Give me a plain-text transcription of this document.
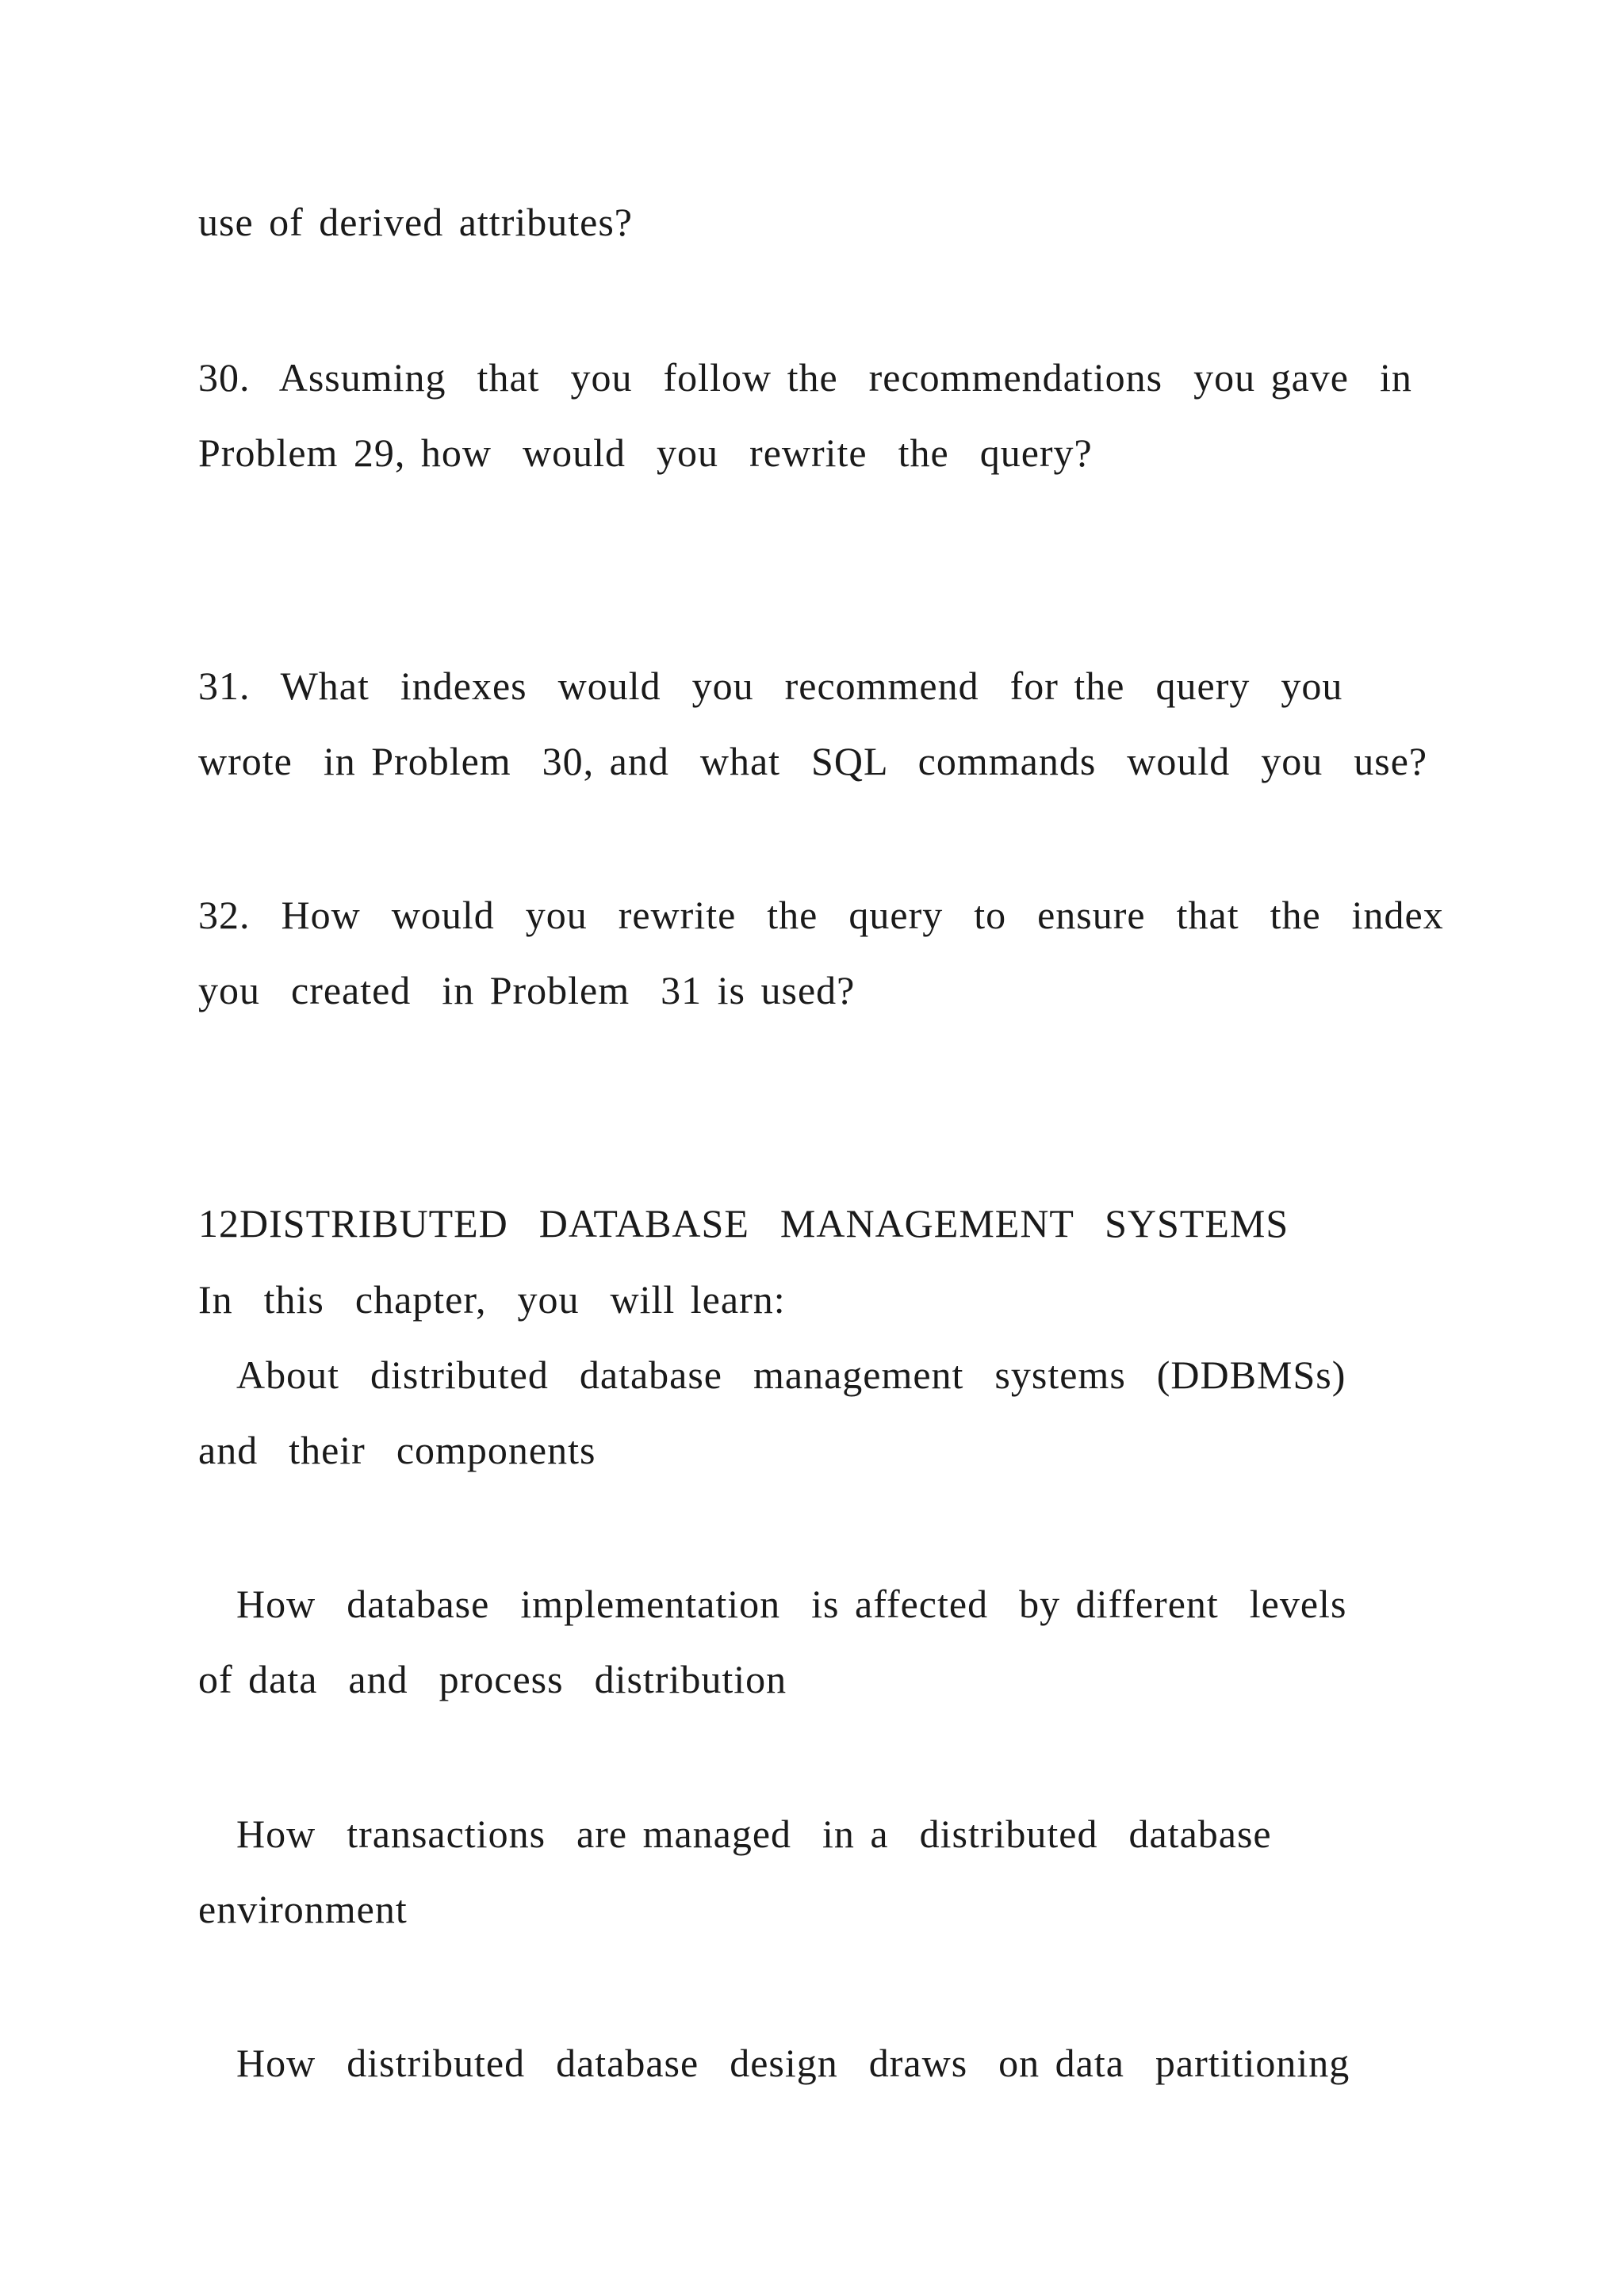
use of derived attributes?
30.  Assuming  that  you  follow the  recommendations  you gave  in
Problem 29, how  would  you  rewrite  the  query?
31.  What  indexes  would  you  recommend  for the  query  you
wrote  in Problem  30, and  what  SQL  commands  would  you  use?
32.  How  would  you  rewrite  the  query  to  ensure  that  the  index
you  created  in Problem  31 is used?
12DISTRIBUTED  DATABASE  MANAGEMENT  SYSTEMS
In  this  chapter,  you  will learn:
About  distributed  database  management  systems  (DDBMSs)
and  their  components
How  database  implementation  is affected  by different  levels
of data  and  process  distribution
How  transactions  are managed  in a  distributed  database
environment
How  distributed  database  design  draws  on data  partitioning
